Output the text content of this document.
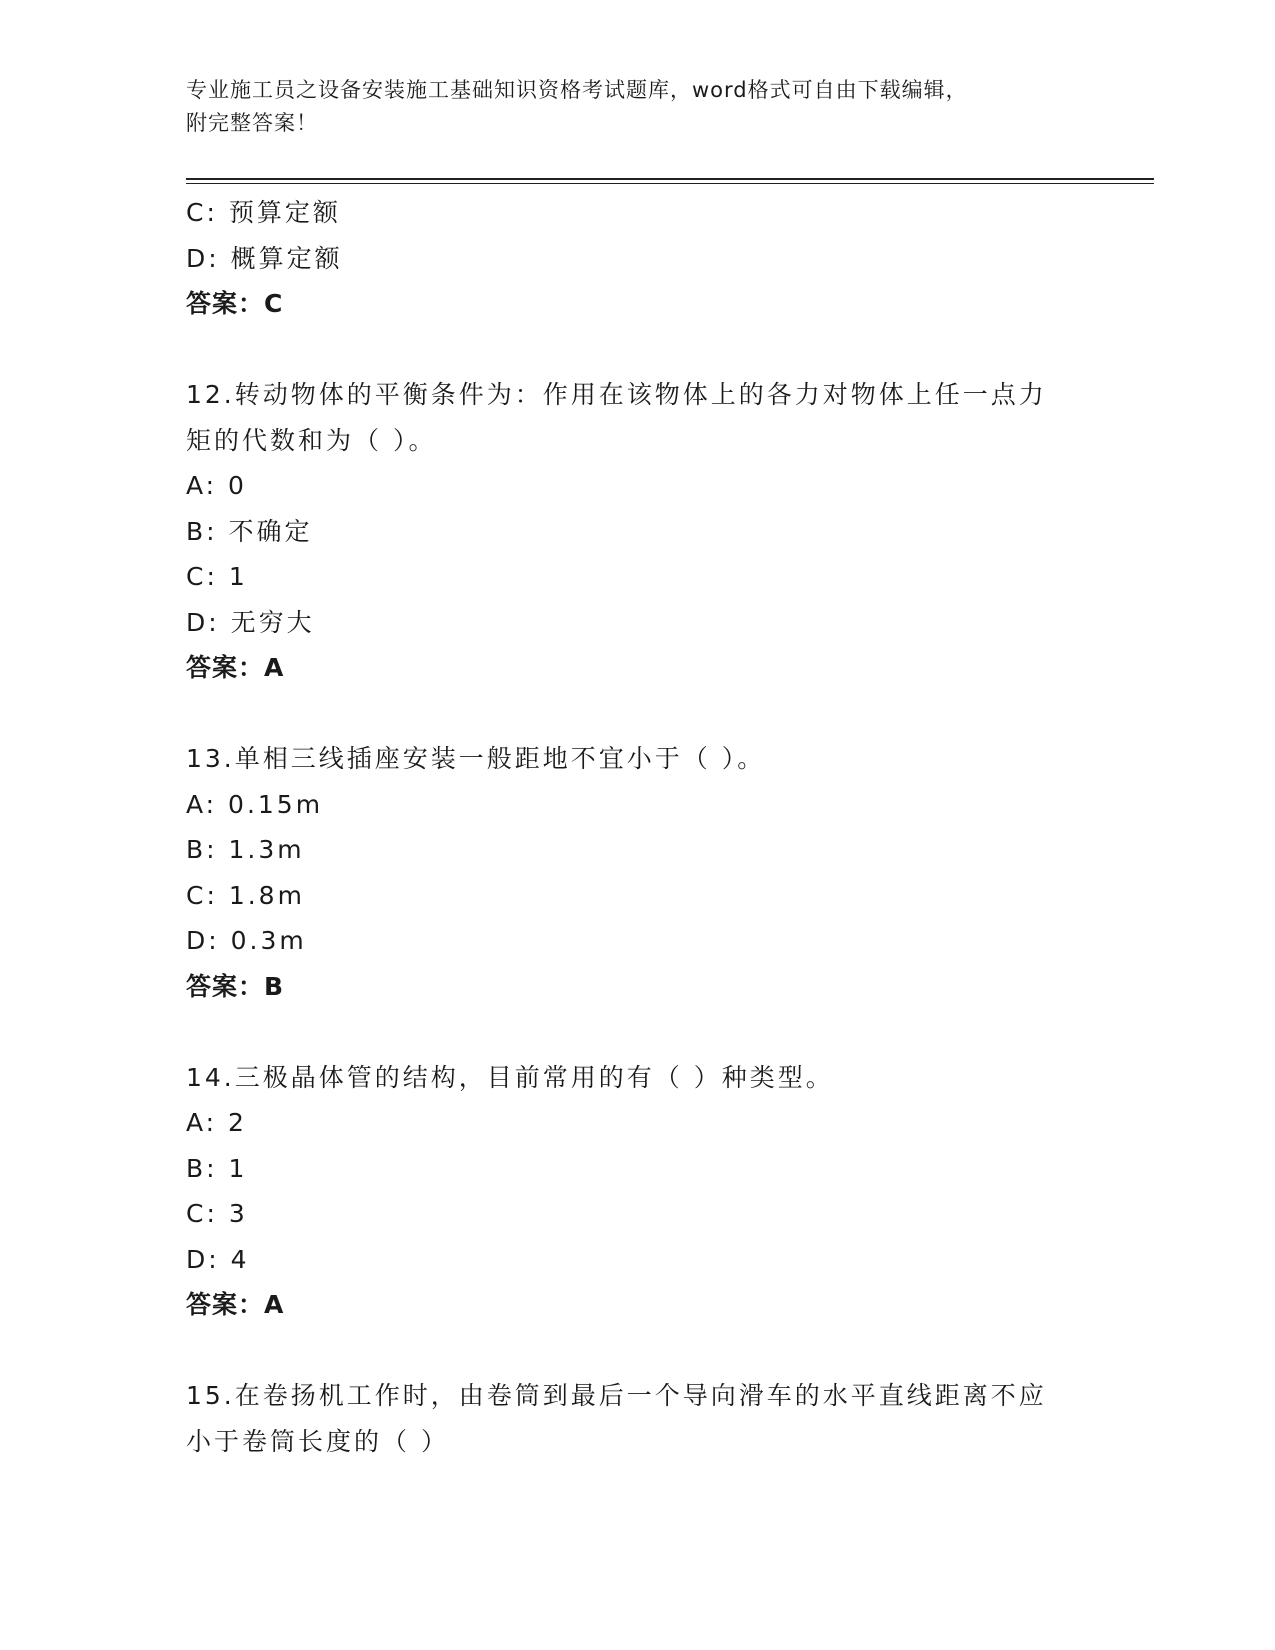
专业施工员之设备安装施工基础知识资格考试题库，word格式可自由下载编辑，
附完整答案！
C: 预算定额
D: 概算定额
答案：C
12.转动物体的平衡条件为：作用在该物体上的各力对物体上任一点力
矩的代数和为（ ）。
A: 0
B: 不确定
C: 1
D: 无穷大
答案：A
13.单相三线插座安装一般距地不宜小于（ ）。
A: 0.15m
B: 1.3m
C: 1.8m
D: 0.3m
答案：B
14.三极晶体管的结构，目前常用的有（ ）种类型。
A: 2
B: 1
C: 3
D: 4
答案：A
15.在卷扬机工作时，由卷筒到最后一个导向滑车的水平直线距离不应
小于卷筒长度的（ ）
